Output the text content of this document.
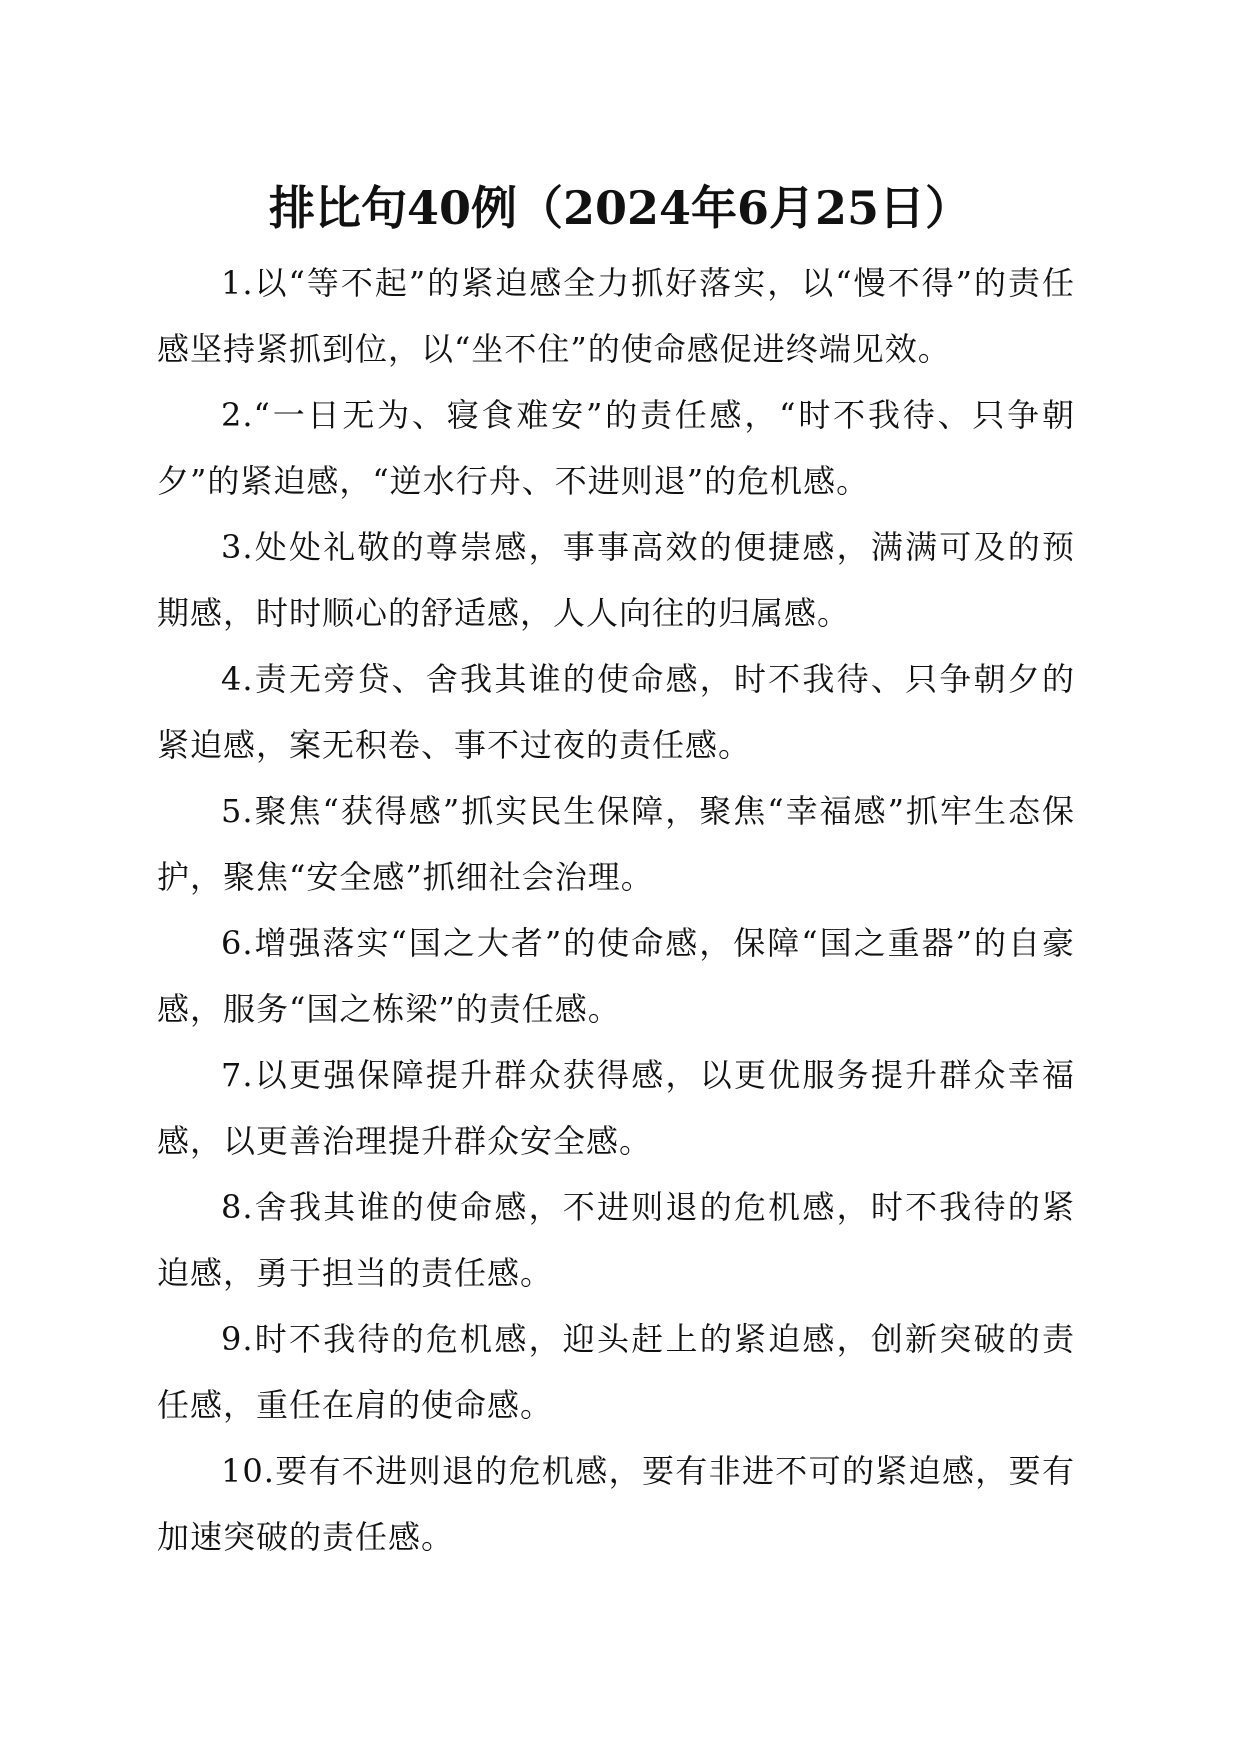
排比句40例（2024年6月25日）

1.以“等不起”的紧迫感全力抓好落实，以“慢不得”的责任感坚持紧抓到位，以“坐不住”的使命感促进终端见效。

2.“一日无为、寝食难安”的责任感，“时不我待、只争朝夕”的紧迫感，“逆水行舟、不进则退”的危机感。

3.处处礼敬的尊崇感，事事高效的便捷感，满满可及的预期感，时时顺心的舒适感，人人向往的归属感。

4.责无旁贷、舍我其谁的使命感，时不我待、只争朝夕的紧迫感，案无积卷、事不过夜的责任感。

5.聚焦“获得感”抓实民生保障，聚焦“幸福感”抓牢生态保护，聚焦“安全感”抓细社会治理。

6.增强落实“国之大者”的使命感，保障“国之重器”的自豪感，服务“国之栋梁”的责任感。

7.以更强保障提升群众获得感，以更优服务提升群众幸福感，以更善治理提升群众安全感。

8.舍我其谁的使命感，不进则退的危机感，时不我待的紧迫感，勇于担当的责任感。

9.时不我待的危机感，迎头赶上的紧迫感，创新突破的责任感，重任在肩的使命感。

10.要有不进则退的危机感，要有非进不可的紧迫感，要有加速突破的责任感。
